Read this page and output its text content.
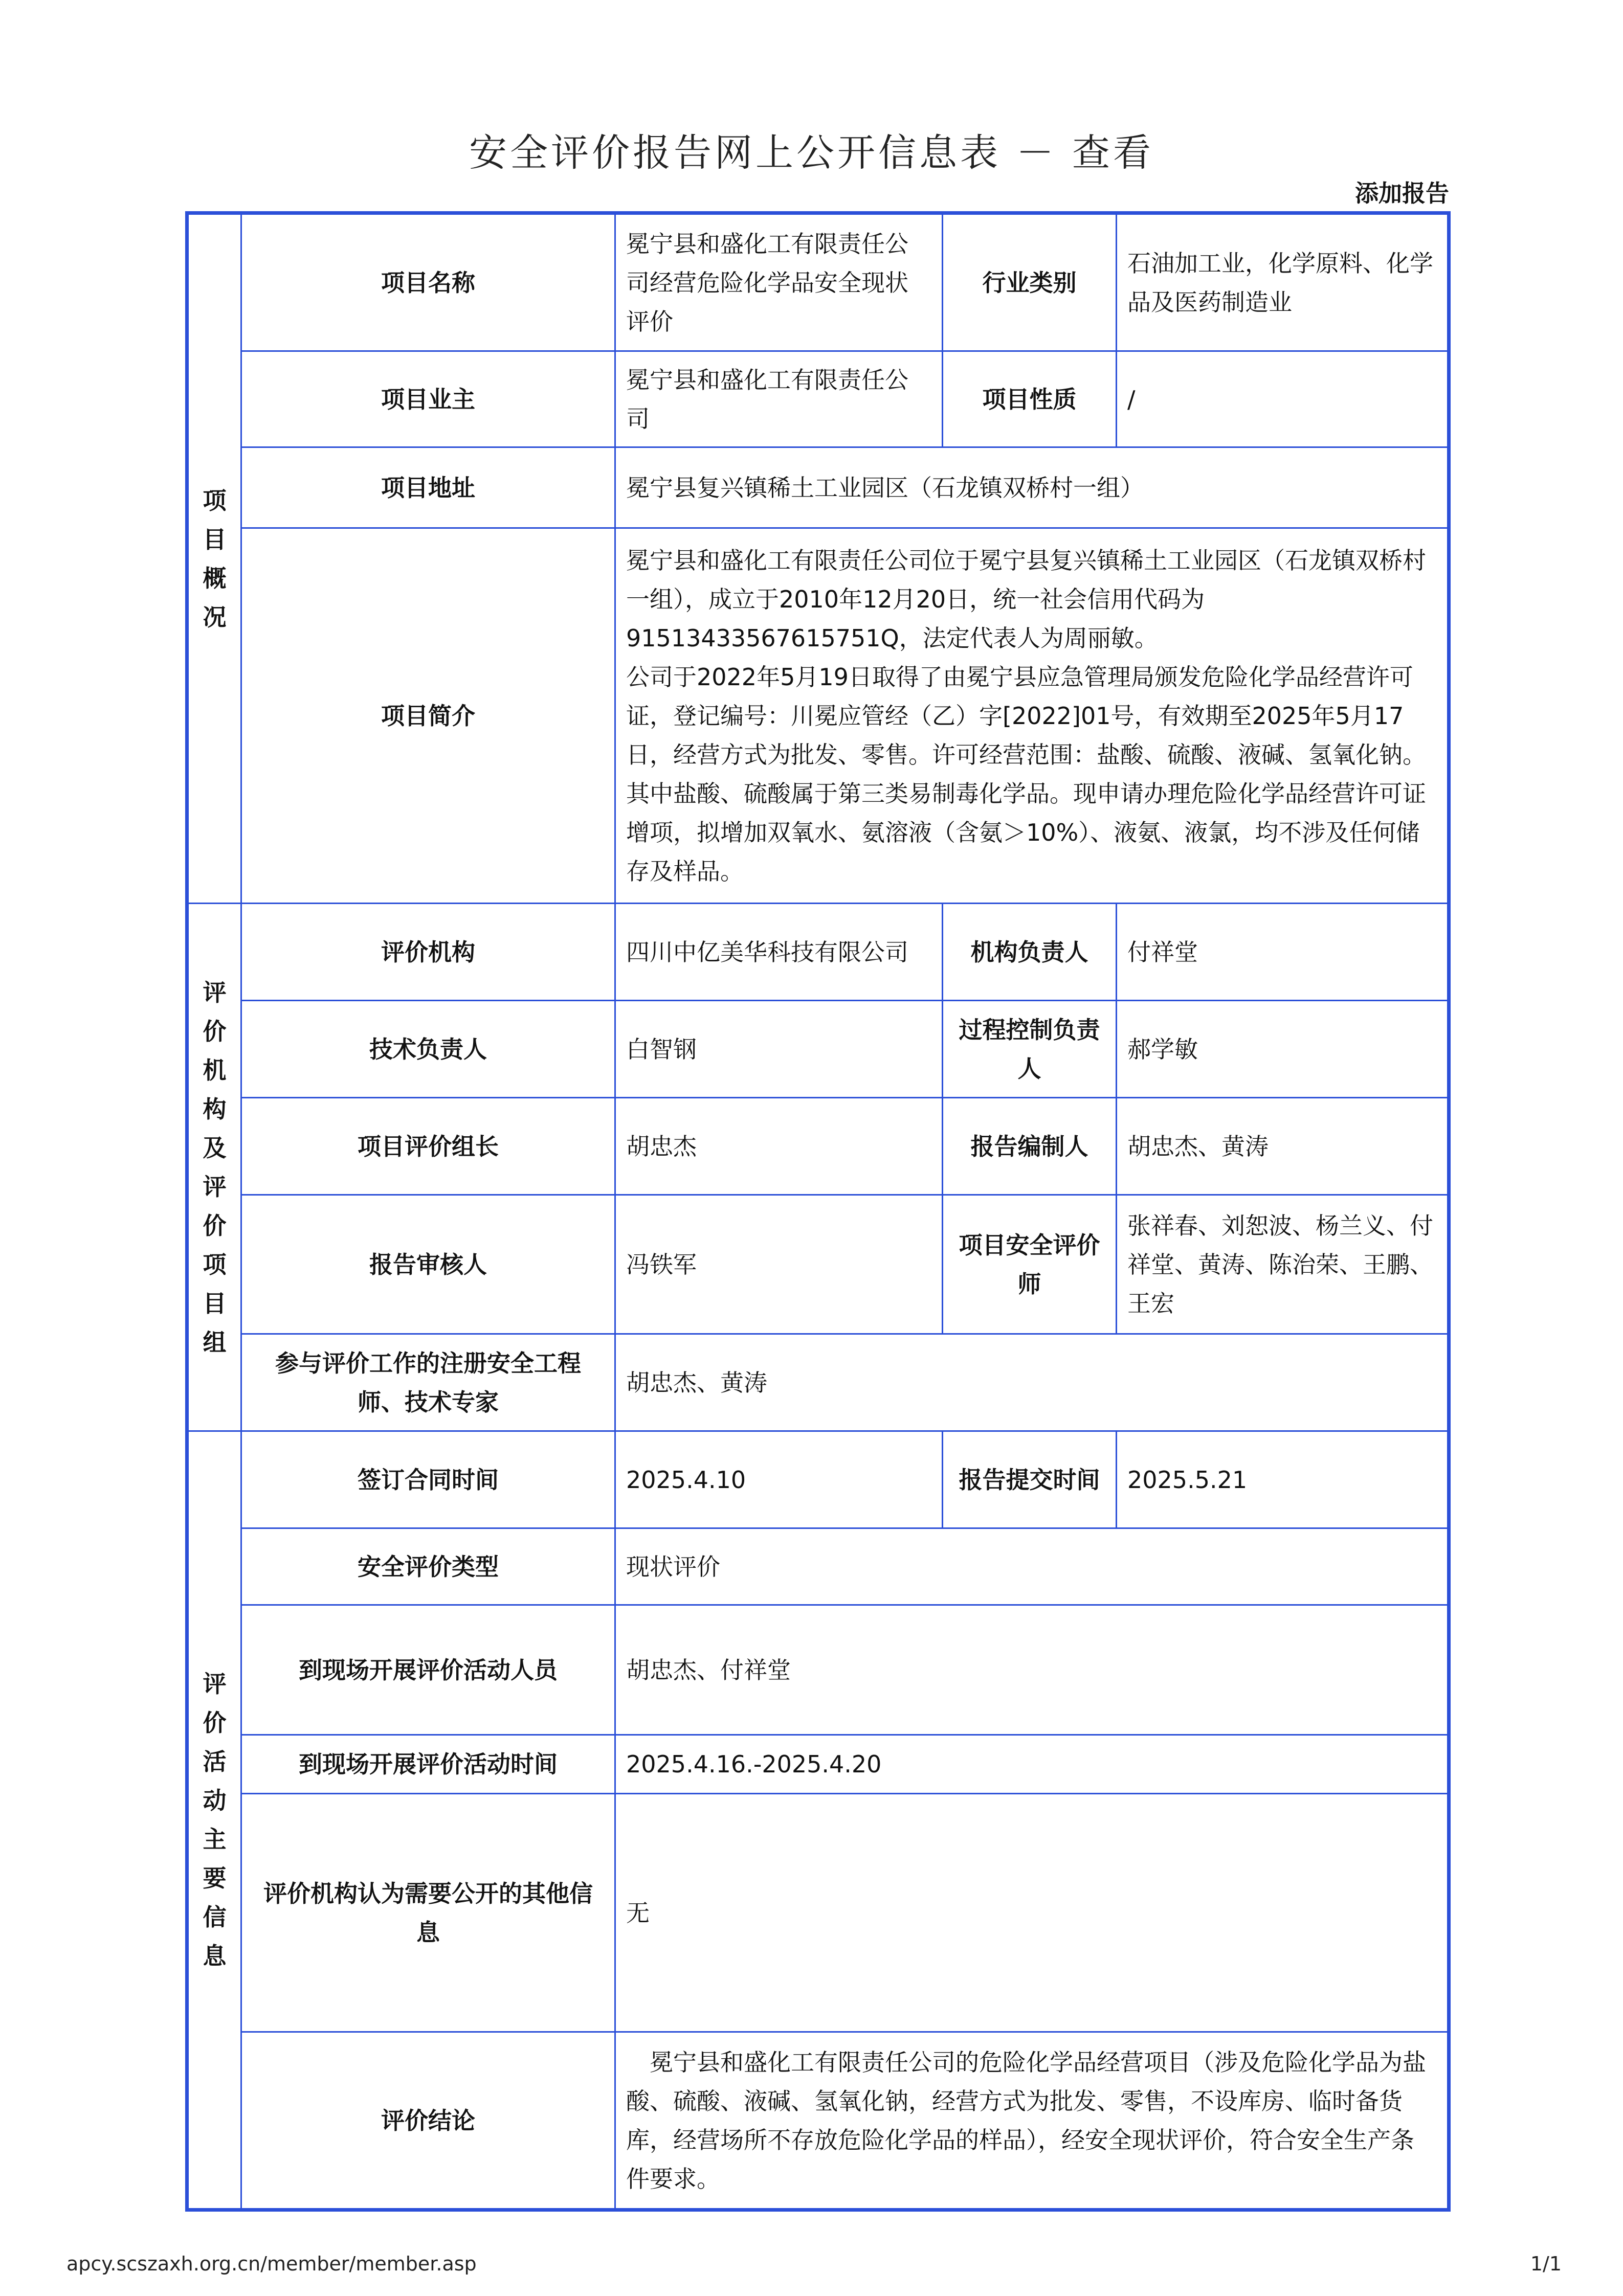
安全评价报告网上公开信息表 － 查看
添加报告
项目概况	项目名称	冕宁县和盛化工有限责任公司经营危险化学品安全现状评价	行业类别	石油加工业，化学原料、化学品及医药制造业
	项目业主	冕宁县和盛化工有限责任公司	项目性质	/
	项目地址	冕宁县复兴镇稀土工业园区（石龙镇双桥村一组）		
	项目简介	冕宁县和盛化工有限责任公司位于冕宁县复兴镇稀土工业园区（石龙镇双桥村一组），成立于2010年12月20日，统一社会信用代码为91513433567615751Q，法定代表人为周丽敏。
公司于2022年5月19日取得了由冕宁县应急管理局颁发危险化学品经营许可证，登记编号：川冕应管经（乙）字[2022]01号，有效期至2025年5月17日，经营方式为批发、零售。许可经营范围：盐酸、硫酸、液碱、氢氧化钠。其中盐酸、硫酸属于第三类易制毒化学品。现申请办理危险化学品经营许可证增项，拟增加双氧水、氨溶液（含氨＞10%）、液氨、液氯，均不涉及任何储存及样品。		

评价机构及评价项目组	评价机构	四川中亿美华科技有限公司	机构负责人	付祥堂
	技术负责人	白智钢	过程控制负责人	郝学敏
	项目评价组长	胡忠杰	报告编制人	胡忠杰、黄涛
	报告审核人	冯铁军	项目安全评价师	张祥春、刘恕波、杨兰义、付祥堂、黄涛、陈治荣、王鹏、王宏
	参与评价工作的注册安全工程师、技术专家	胡忠杰、黄涛		
评价活动主要信息	签订合同时间	2025.4.10	报告提交时间	2025.5.21
	安全评价类型	现状评价		
	到现场开展评价活动人员	胡忠杰、付祥堂		
	到现场开展评价活动时间	2025.4.16.-2025.4.20		
	评价机构认为需要公开的其他信息	无		
	评价结论	冕宁县和盛化工有限责任公司的危险化学品经营项目（涉及危险化学品为盐酸、硫酸、液碱、氢氧化钠，经营方式为批发、零售，不设库房、临时备货库，经营场所不存放危险化学品的样品），经安全现状评价，符合安全生产条件要求。		
apcy.scszaxh.org.cn/member/member.asp	1/1
